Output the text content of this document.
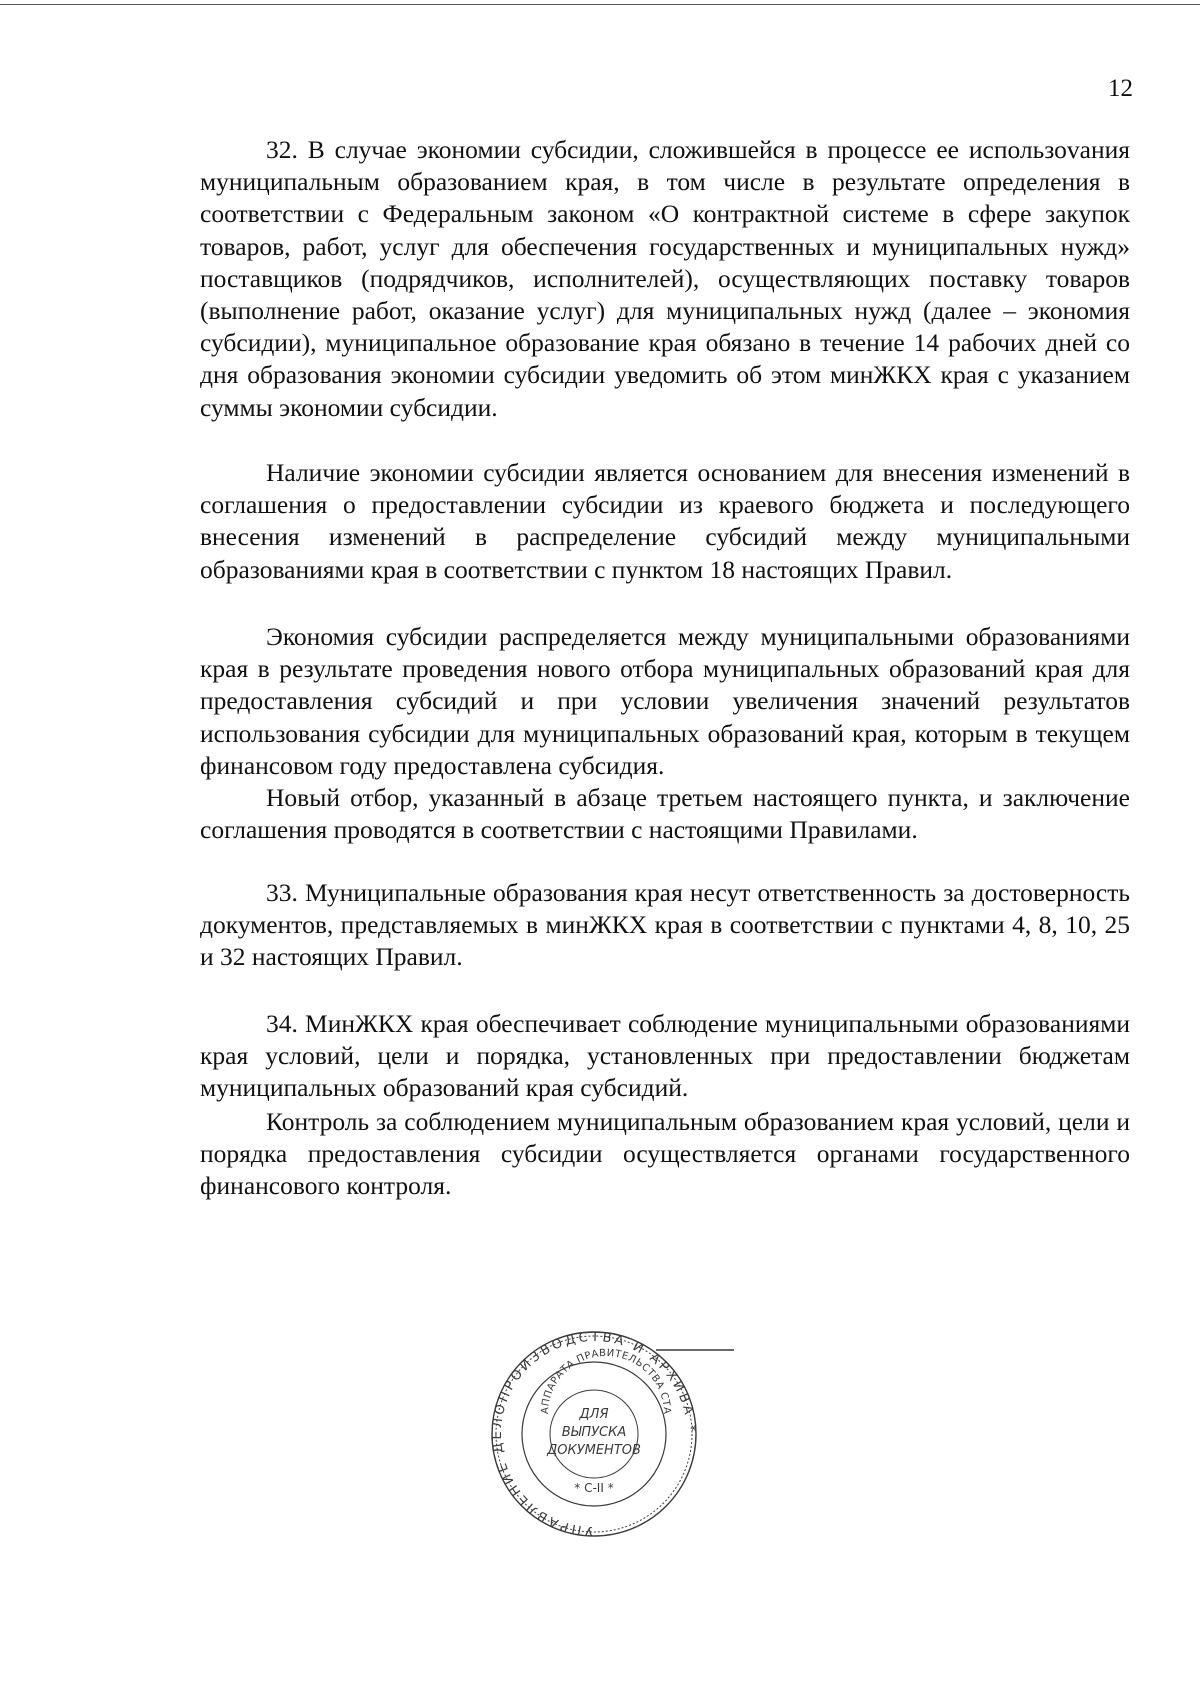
12

32. В случае экономии субсидии, сложившейся в процессе ее использоvания муниципальным образованием края, в том числе в результате определения в соответствии с Федеральным законом «О контрактной системе в сфере закупок товаров, работ, услуг для обеспечения государственных и муниципальных нужд» поставщиков (подрядчиков, исполнителей), осуществляющих поставку товаров (выполнение работ, оказание услуг) для муниципальных нужд (далее – экономия субсидии), муниципальное образование края обязано в течение 14 рабочих дней со дня образования экономии субсидии уведомить об этом минЖКХ края с указанием суммы экономии субсидии.

Наличие экономии субсидии является основанием для внесения изменений в соглашения о предоставлении субсидии из краевого бюджета и последующего внесения изменений в распределение субсидий между муниципальными образованиями края в соответствии с пунктом 18 настоящих Правил.

Экономия субсидии распределяется между муниципальными образованиями края в результате проведения нового отбора муниципальных образований края для предоставления субсидий и при условии увеличения значений результатов использования субсидии для муниципальных образований края, которым в текущем финансовом году предоставлена субсидия.

Новый отбор, указанный в абзаце третьем настоящего пункта, и заключение соглашения проводятся в соответствии с настоящими Правилами.

33. Муниципальные образования края несут ответственность за достоверность документов, представляемых в минЖКХ края в соответствии с пунктами 4, 8, 10, 25 и 32 настоящих Правил.

34. МинЖКХ края обеспечивает соблюдение муниципальными образованиями края условий, цели и порядка, установленных при предоставлении бюджетам муниципальных образований края субсидий.

Контроль за соблюдением муниципальным образованием края условий, цели и порядка предоставления субсидии осуществляется органами государственного финансового контроля.

УПРАВЛЕНИЕ ДЕЛОПРОИЗВОДСТВА И АРХИВА *
АППАРАТА ПРАВИТЕЛЬСТВА СТАВРОПОЛЬСКОГО КРАЯ
ДЛЯ
ВЫПУСКА
ДОКУМЕНТОВ
* С-II *
